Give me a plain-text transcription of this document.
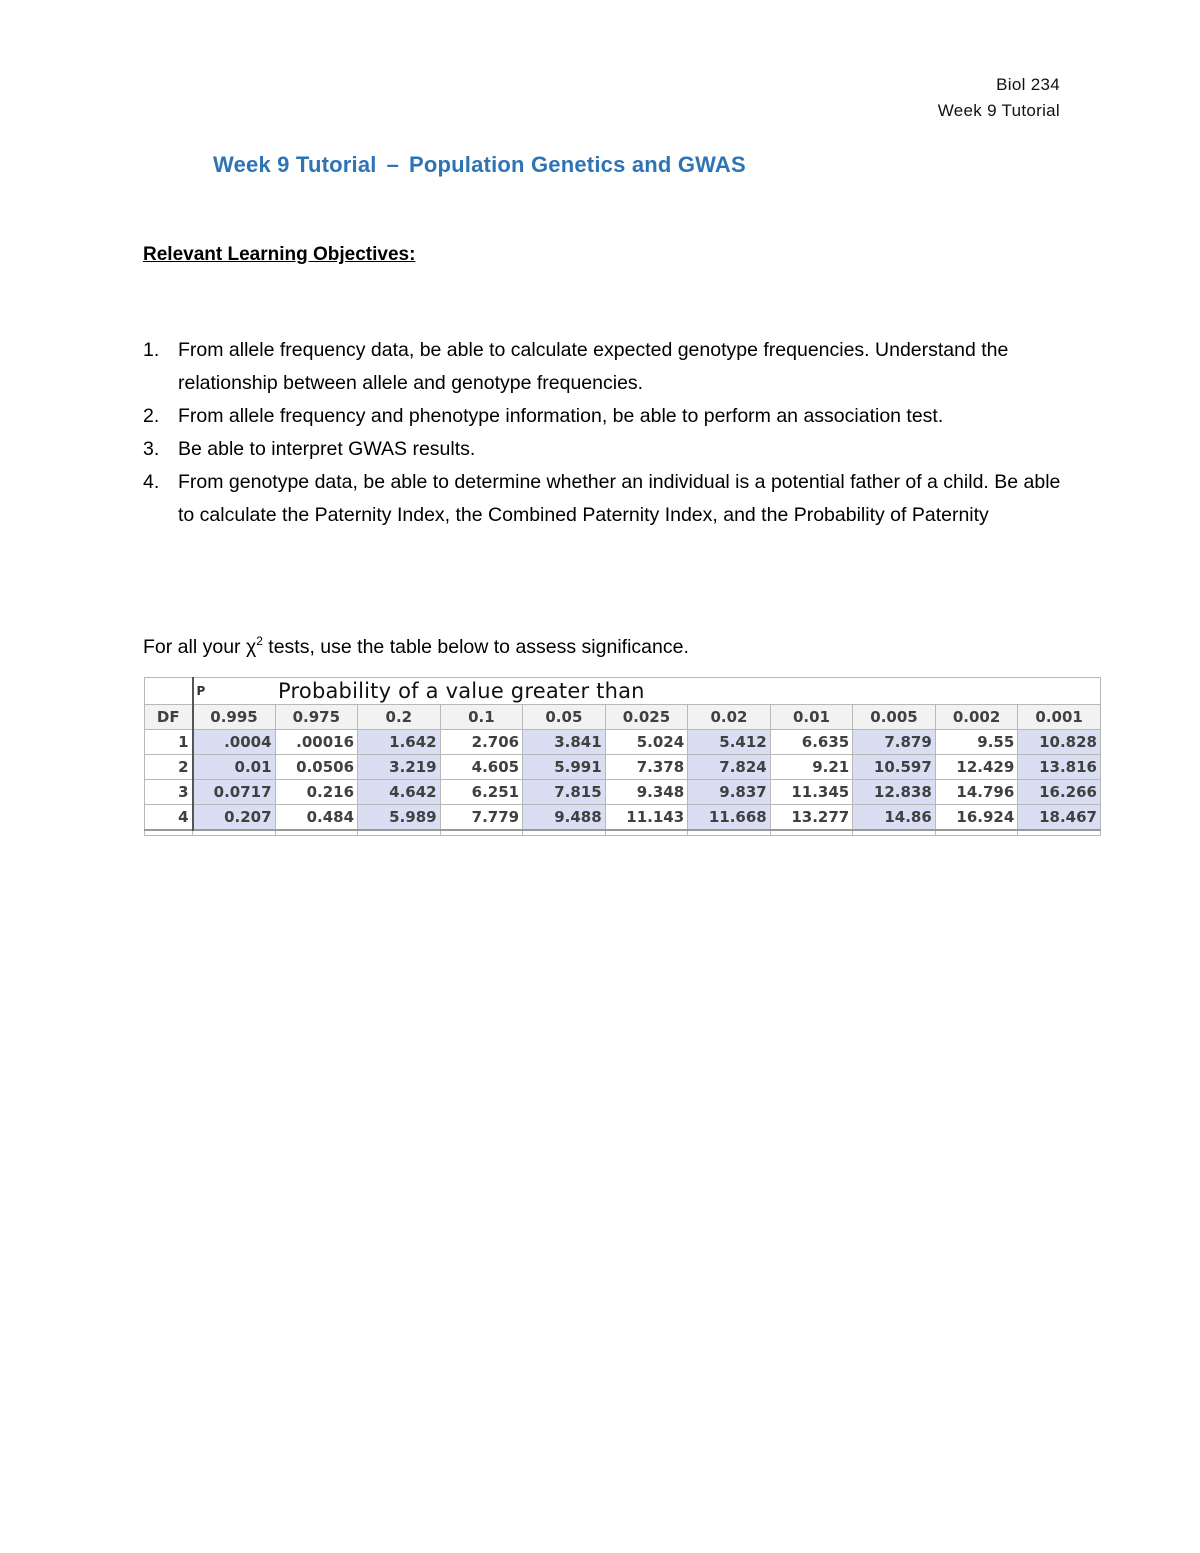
Biol 234
Week 9 Tutorial
Week 9 Tutorial – Population Genetics and GWAS
Relevant Learning Objectives:
1. From allele frequency data, be able to calculate expected genotype frequencies. Understand the relationship between allele and genotype frequencies.
2. From allele frequency and phenotype information, be able to perform an association test.
3. Be able to interpret GWAS results.
4. From genotype data, be able to determine whether an individual is a potential father of a child. Be able to calculate the Paternity Index, the Combined Paternity Index, and the Probability of Paternity
For all your $\chi^2$ tests, use the table below to assess significance.
	P	Probability of a value greater than									
DF	0.995	0.975	0.2	0.1	0.05	0.025	0.02	0.01	0.005	0.002	0.001
1	.0004	.00016	1.642	2.706	3.841	5.024	5.412	6.635	7.879	9.55	10.828
2	0.01	0.0506	3.219	4.605	5.991	7.378	7.824	9.21	10.597	12.429	13.816
3	0.0717	0.216	4.642	6.251	7.815	9.348	9.837	11.345	12.838	14.796	16.266
4	0.207	0.484	5.989	7.779	9.488	11.143	11.668	13.277	14.86	16.924	18.467
